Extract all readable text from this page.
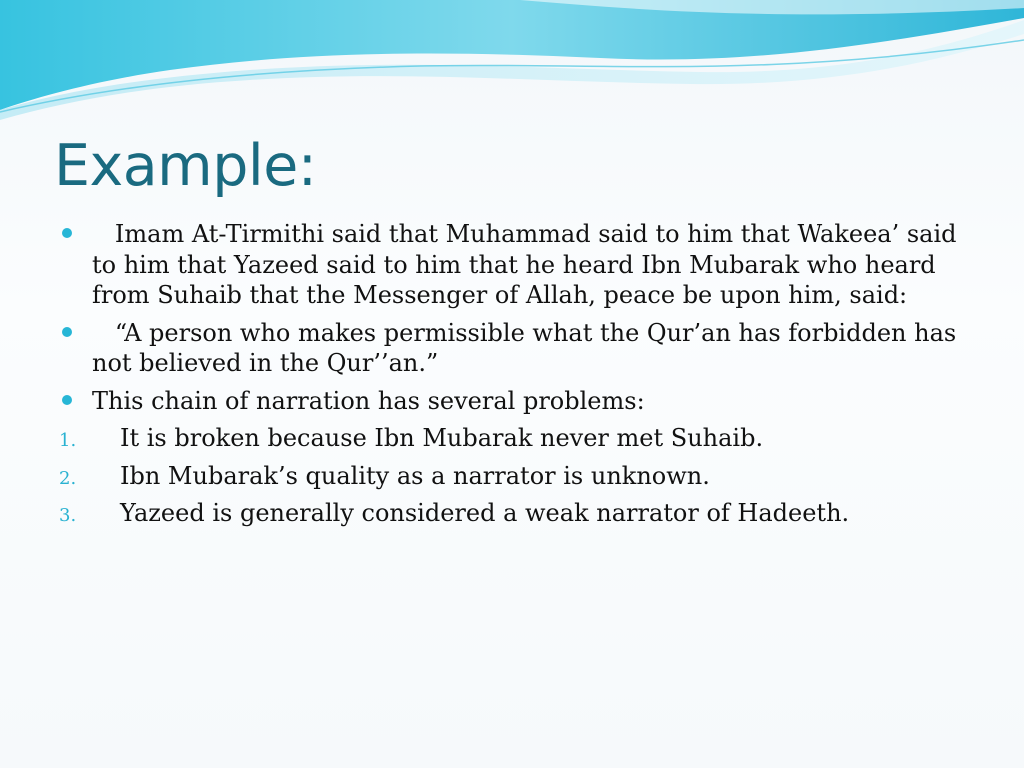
Example:
Imam At-Tirmithi said that Muhammad said to him that Wakeea’ said to him that Yazeed said to him that he heard Ibn Mubarak who heard from Suhaib that the Messenger of Allah, peace be upon him, said:
“A person who makes permissible what the Qur’an has forbidden has not believed in the Qur’’an.”
This chain of narration has several problems:
1.	It is broken because Ibn Mubarak never met Suhaib.
2.	Ibn Mubarak’s quality as a narrator is unknown.
3.	Yazeed is generally considered a weak narrator of Hadeeth.
